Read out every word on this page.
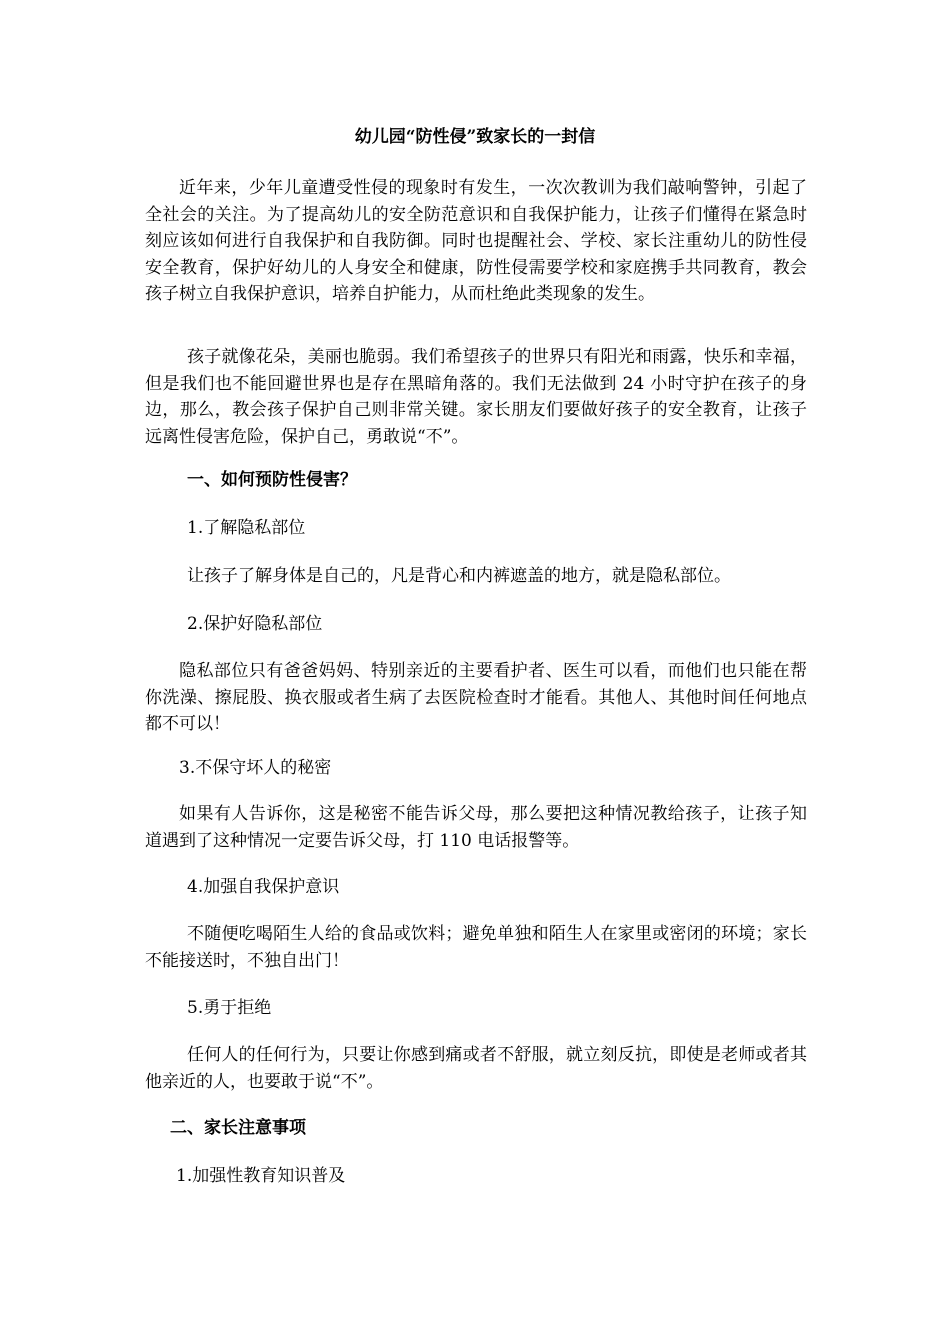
幼儿园“防性侵”致家长的一封信
近年来，少年儿童遭受性侵的现象时有发生，一次次教训为我们敲响警钟，引起了全社会的关注。为了提高幼儿的安全防范意识和自我保护能力，让孩子们懂得在紧急时刻应该如何进行自我保护和自我防御。同时也提醒社会、学校、家长注重幼儿的防性侵安全教育，保护好幼儿的人身安全和健康，防性侵需要学校和家庭携手共同教育，教会孩子树立自我保护意识，培养自护能力，从而杜绝此类现象的发生。
孩子就像花朵，美丽也脆弱。我们希望孩子的世界只有阳光和雨露，快乐和幸福，但是我们也不能回避世界也是存在黑暗角落的。我们无法做到 24 小时守护在孩子的身边，那么，教会孩子保护自己则非常关键。家长朋友们要做好孩子的安全教育，让孩子远离性侵害危险，保护自己，勇敢说“不”。
一、如何预防性侵害？
1.了解隐私部位
让孩子了解身体是自己的，凡是背心和内裤遮盖的地方，就是隐私部位。
2.保护好隐私部位
隐私部位只有爸爸妈妈、特别亲近的主要看护者、医生可以看，而他们也只能在帮你洗澡、擦屁股、换衣服或者生病了去医院检查时才能看。其他人、其他时间任何地点都不可以！
3.不保守坏人的秘密
如果有人告诉你，这是秘密不能告诉父母，那么要把这种情况教给孩子，让孩子知道遇到了这种情况一定要告诉父母，打 110 电话报警等。
4.加强自我保护意识
不随便吃喝陌生人给的食品或饮料；避免单独和陌生人在家里或密闭的环境；家长不能接送时，不独自出门！
5.勇于拒绝
任何人的任何行为，只要让你感到痛或者不舒服，就立刻反抗，即使是老师或者其他亲近的人，也要敢于说“不”。
二、家长注意事项
1.加强性教育知识普及
